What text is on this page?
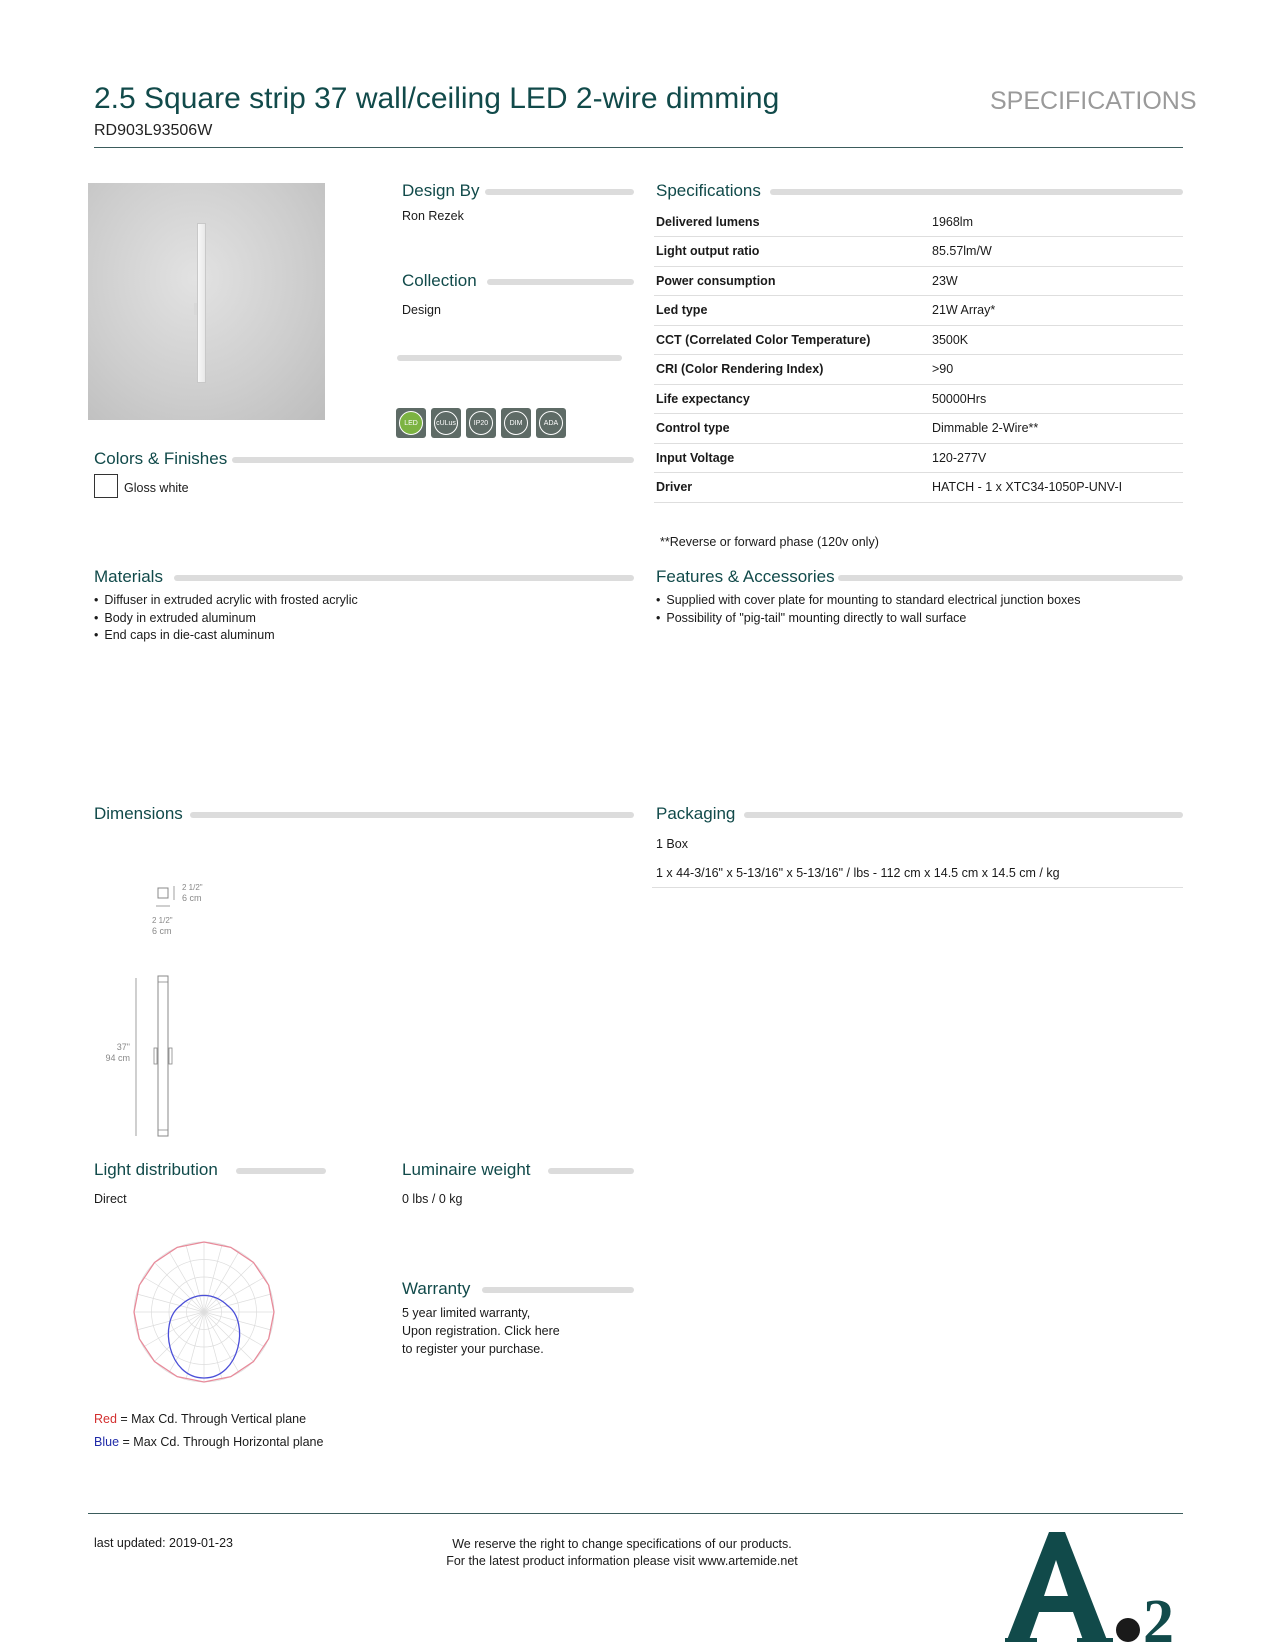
2.5 Square strip 37 wall/ceiling LED 2-wire dimming
RD903L93506W
SPECIFICATIONS
Design By
Ron Rezek
Collection
Design
LED	cULus	IP20	DIM	ADA
Colors & Finishes
Gloss white
Specifications
Delivered lumens	1968lm
Light output ratio	85.57lm/W
Power consumption	23W
Led type	21W Array*
CCT (Correlated Color Temperature)	3500K
CRI (Color Rendering Index)	>90
Life expectancy	50000Hrs
Control type	Dimmable 2-Wire**
Input Voltage	120-277V
Driver	HATCH - 1 x XTC34-1050P-UNV-I
**Reverse or forward phase (120v only)
Materials
• Diffuser in extruded acrylic with frosted acrylic
• Body in extruded aluminum
• End caps in die-cast aluminum
Features & Accessories
• Supplied with cover plate for mounting to standard electrical junction boxes
• Possibility of "pig-tail" mounting directly to wall surface
Dimensions
2 1/2"
6 cm
2 1/2"
6 cm
37"
94 cm
Packaging
1 Box
1 x 44-3/16" x 5-13/16" x 5-13/16" / lbs - 112 cm x 14.5 cm x 14.5 cm / kg
Light distribution
Direct
Red = Max Cd. Through Vertical plane
Blue = Max Cd. Through Horizontal plane
Luminaire weight
0 lbs / 0 kg
Warranty
5 year limited warranty,
Upon registration. Click here
to register your purchase.
last updated: 2019-01-23	We reserve the right to change specifications of our products.
For the latest product information please visit www.artemide.net
2
